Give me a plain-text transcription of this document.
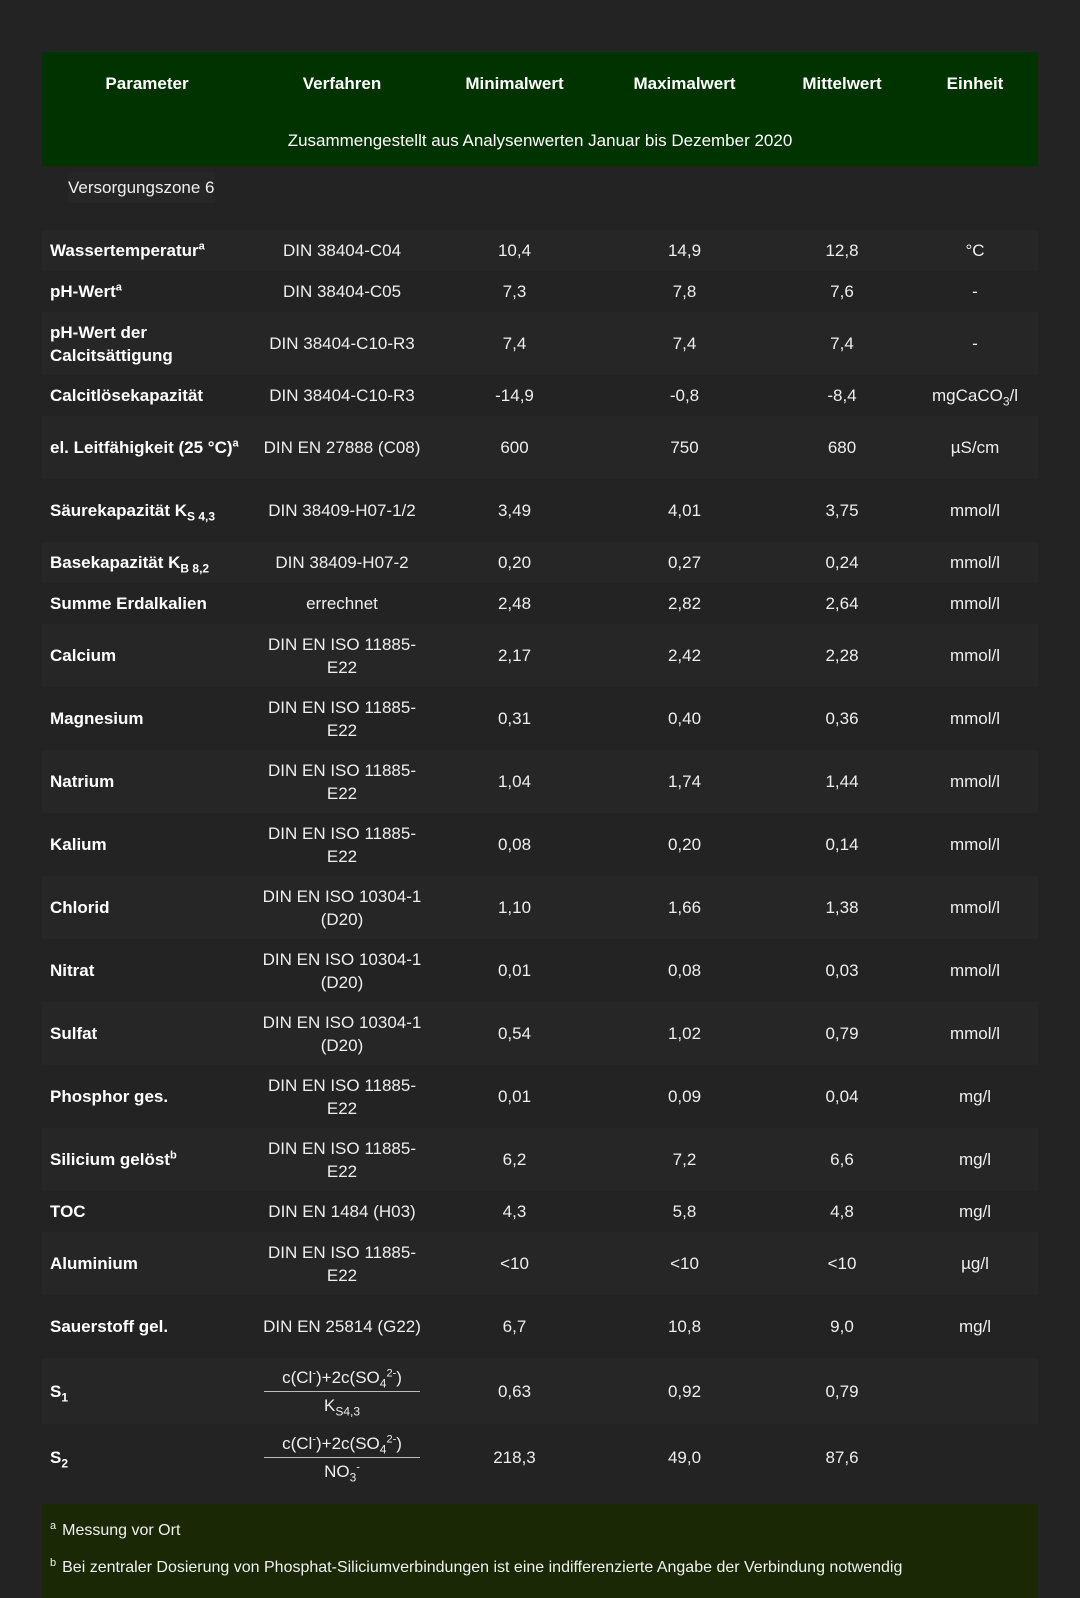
Parameter	Verfahren	Minimalwert	Maximalwert	Mittelwert	Einheit
Zusammengestellt aus Analysenwerten Januar bis Dezember 2020					
Versorgungszone 6					

Wassertemperatur$^a$	DIN 38404-C04	10,4	14,9	12,8	°C
pH-Wert$^a$	DIN 38404-C05	7,3	7,8	7,6	-
pH-Wert der Calcitsättigung	DIN 38404-C10-R3	7,4	7,4	7,4	-
Calcitlösekapazität	DIN 38404-C10-R3	-14,9	-0,8	-8,4	mgCaCO$_3$/l
el. Leitfähigkeit (25 °C)$^a$	DIN EN 27888 (C08)	600	750	680	µS/cm
Säurekapazität $K_{S 4,3}$	DIN 38409-H07-1/2	3,49	4,01	3,75	mmol/l
Basekapazität $K_{B 8,2}$	DIN 38409-H07-2	0,20	0,27	0,24	mmol/l
Summe Erdalkalien	errechnet	2,48	2,82	2,64	mmol/l
Calcium	DIN EN ISO 11885-E22	2,17	2,42	2,28	mmol/l
Magnesium	DIN EN ISO 11885-E22	0,31	0,40	0,36	mmol/l
Natrium	DIN EN ISO 11885-E22	1,04	1,74	1,44	mmol/l
Kalium	DIN EN ISO 11885-E22	0,08	0,20	0,14	mmol/l
Chlorid	DIN EN ISO 10304-1 (D20)	1,10	1,66	1,38	mmol/l
Nitrat	DIN EN ISO 10304-1 (D20)	0,01	0,08	0,03	mmol/l
Sulfat	DIN EN ISO 10304-1 (D20)	0,54	1,02	0,79	mmol/l
Phosphor ges.	DIN EN ISO 11885-E22	0,01	0,09	0,04	mg/l
Silicium gelöst$^b$	DIN EN ISO 11885-E22	6,2	7,2	6,6	mg/l
TOC	DIN EN 1484 (H03)	4,3	5,8	4,8	mg/l
Aluminium	DIN EN ISO 11885-E22	<10	<10	<10	µg/l
Sauerstoff gel.	DIN EN 25814 (G22)	6,7	10,8	9,0	mg/l
$S_1$	$\frac{c(Cl^-)+2c(SO_4^{2-})}{K_{S4,3}}$	0,63	0,92	0,79	
$S_2$	$\frac{c(Cl^-)+2c(SO_4^{2-})}{NO_3^-}$	218,3	49,0	87,6	
$^a$ Messung vor Ort
$^b$ Bei zentraler Dosierung von Phosphat-Siliciumverbindungen ist eine indifferenzierte Angabe der Verbindung notwendig
